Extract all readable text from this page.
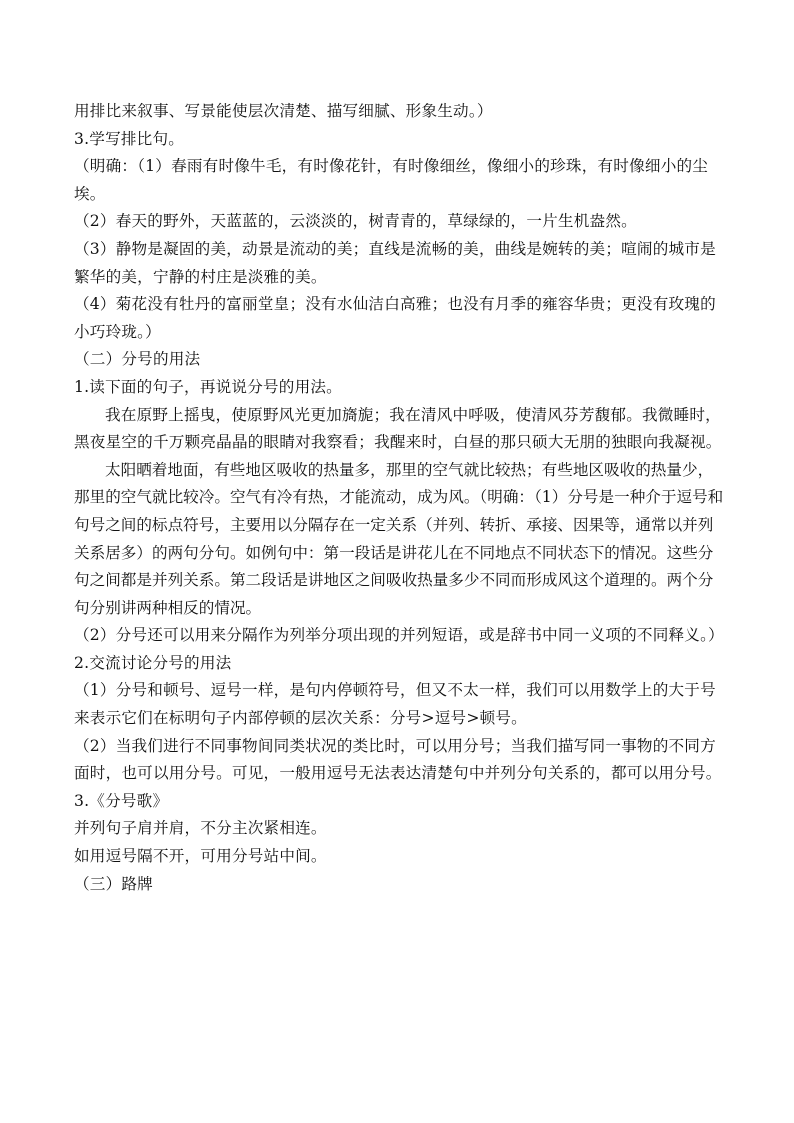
用排比来叙事、写景能使层次清楚、描写细腻、形象生动。）

3.学写排比句。

（明确：（1）春雨有时像牛毛，有时像花针，有时像细丝，像细小的珍珠，有时像细小的尘埃。

（2）春天的野外，天蓝蓝的，云淡淡的，树青青的，草绿绿的，一片生机盎然。

（3）静物是凝固的美，动景是流动的美；直线是流畅的美，曲线是婉转的美；喧闹的城市是繁华的美，宁静的村庄是淡雅的美。

（4）菊花没有牡丹的富丽堂皇；没有水仙洁白高雅；也没有月季的雍容华贵；更没有玫瑰的小巧玲珑。）

（二）分号的用法

1.读下面的句子，再说说分号的用法。

我在原野上摇曳，使原野风光更加旖旎；我在清风中呼吸，使清风芬芳馥郁。我微睡时，黑夜星空的千万颗亮晶晶的眼睛对我察看；我醒来时，白昼的那只硕大无朋的独眼向我凝视。

太阳晒着地面，有些地区吸收的热量多，那里的空气就比较热；有些地区吸收的热量少，那里的空气就比较冷。空气有冷有热，才能流动，成为风。（明确：（1）分号是一种介于逗号和句号之间的标点符号，主要用以分隔存在一定关系（并列、转折、承接、因果等，通常以并列关系居多）的两句分句。如例句中：第一段话是讲花儿在不同地点不同状态下的情况。这些分句之间都是并列关系。第二段话是讲地区之间吸收热量多少不同而形成风这个道理的。两个分句分别讲两种相反的情况。

（2）分号还可以用来分隔作为列举分项出现的并列短语，或是辞书中同一义项的不同释义。）

2.交流讨论分号的用法

（1）分号和顿号、逗号一样，是句内停顿符号，但又不太一样，我们可以用数学上的大于号来表示它们在标明句子内部停顿的层次关系：分号>逗号>顿号。

（2）当我们进行不同事物间同类状况的类比时，可以用分号；当我们描写同一事物的不同方面时，也可以用分号。可见，一般用逗号无法表达清楚句中并列分句关系的，都可以用分号。

3.《分号歌》

并列句子肩并肩，不分主次紧相连。

如用逗号隔不开，可用分号站中间。

（三）路牌
